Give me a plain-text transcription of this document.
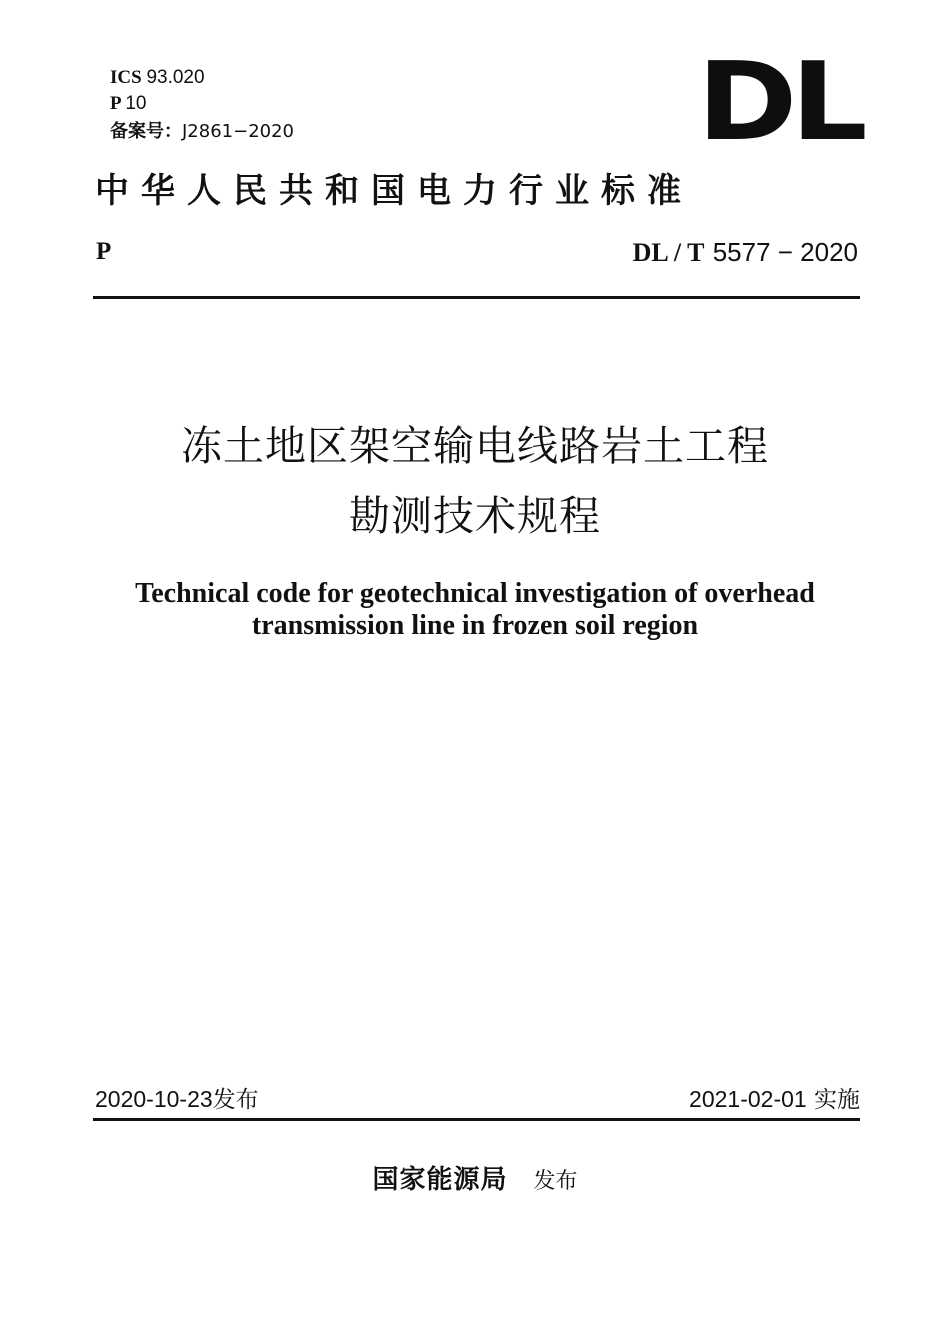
ICS 93.020
P 10
备案号：J2861−2020	DL
中华人民共和国电力行业标准
P	DL / T 5577 − 2020
冻土地区架空输电线路岩土工程
勘测技术规程
Technical code for geotechnical investigation of overhead
transmission line in frozen soil region
2020-10-23发布	2021-02-01 实施
国家能源局 发布
